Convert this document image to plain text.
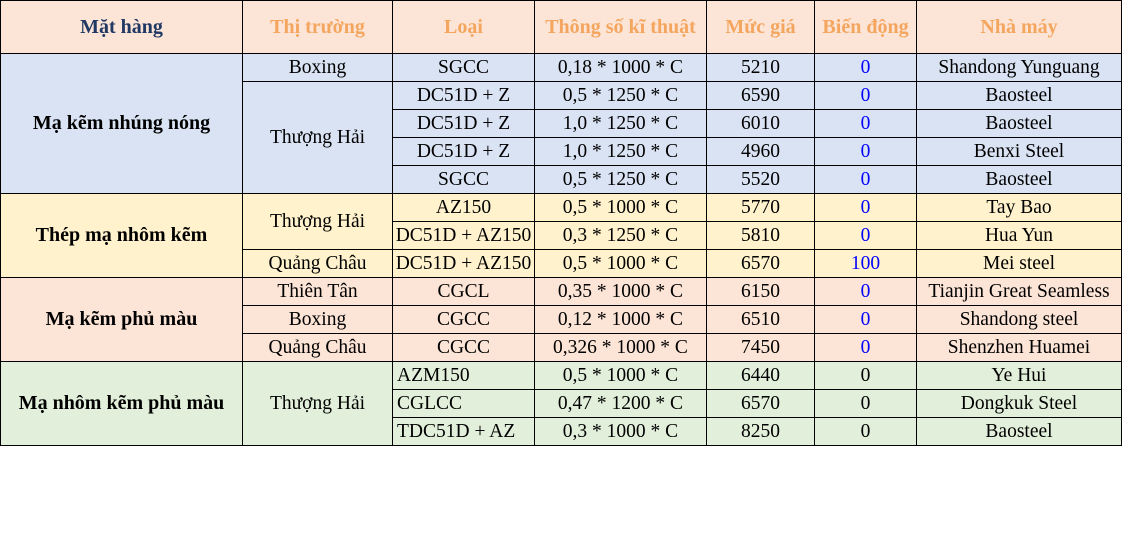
Mặt hàng	Thị trường	Loại	Thông số kĩ thuật	Mức giá	Biến động	Nhà máy
Mạ kẽm nhúng nóng	Boxing	SGCC	0,18 * 1000 * C	5210	0	Shandong Yunguang
	Thượng Hải	DC51D + Z	0,5 * 1250 * C	6590	0	Baosteel
		DC51D + Z	1,0 * 1250 * C	6010	0	Baosteel
		DC51D + Z	1,0 * 1250 * C	4960	0	Benxi Steel
		SGCC	0,5 * 1250 * C	5520	0	Baosteel
Thép mạ nhôm kẽm	Thượng Hải	AZ150	0,5 * 1000 * C	5770	0	Tay Bao
		DC51D + AZ150	0,3 * 1250 * C	5810	0	Hua Yun

	Quảng Châu	DC51D + AZ150	0,5 * 1000 * C	6570	100	Mei steel

Mạ kẽm phủ màu	Thiên Tân	CGCL	0,35 * 1000 * C	6150	0	Tianjin Great Seamless

	Boxing	CGCC	0,12 * 1000 * C	6510	0	Shandong steel
	Quảng Châu	CGCC	0,326 * 1000 * C	7450	0	Shenzhen Huamei
Mạ nhôm kẽm phủ màu	Thượng Hải	AZM150	0,5 * 1000 * C	6440	0	Ye Hui
		CGLCC	0,47 * 1200 * C	6570	0	Dongkuk Steel
		TDC51D + AZ	0,3 * 1000 * C	8250	0	Baosteel
